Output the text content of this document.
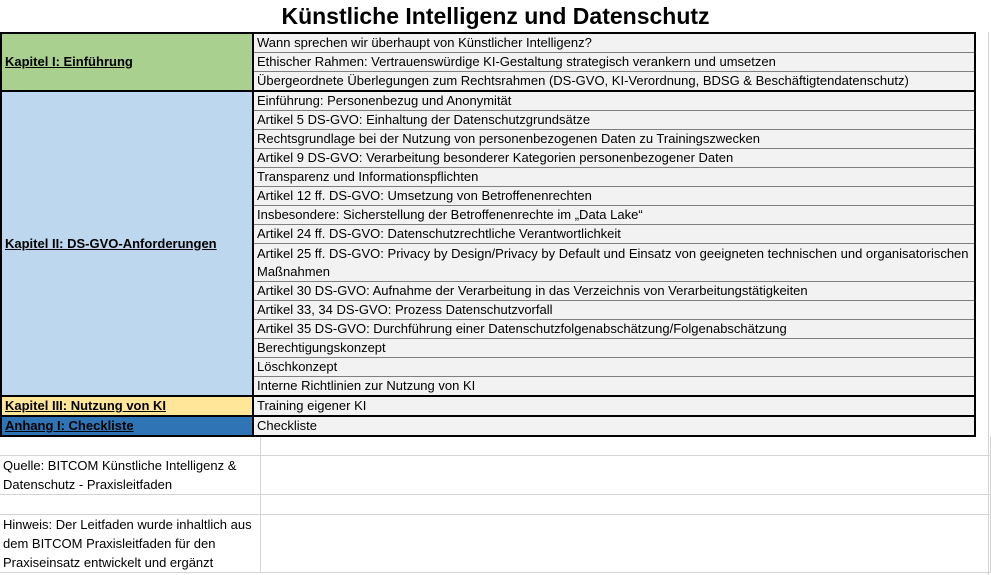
Künstliche Intelligenz und Datenschutz
Kapitel I: Einführung	Wann sprechen wir überhaupt von Künstlicher Intelligenz?
	Ethischer Rahmen: Vertrauenswürdige KI-Gestaltung strategisch verankern und umsetzen
	Übergeordnete Überlegungen zum Rechtsrahmen (DS-GVO, KI-Verordnung, BDSG & Beschäftigtendatenschutz)
Kapitel II: DS-GVO-Anforderungen	Einführung: Personenbezug und Anonymität
	Artikel 5 DS-GVO: Einhaltung der Datenschutzgrundsätze
	Rechtsgrundlage bei der Nutzung von personenbezogenen Daten zu Trainingszwecken
	Artikel 9 DS-GVO: Verarbeitung besonderer Kategorien personenbezogener Daten
	Transparenz und Informationspflichten
	Artikel 12 ff. DS-GVO: Umsetzung von Betroffenenrechten
	Insbesondere: Sicherstellung der Betroffenenrechte im „Data Lake“
	Artikel 24 ff. DS-GVO: Datenschutzrechtliche Verantwortlichkeit
	Artikel 25 ff. DS-GVO: Privacy by Design/Privacy by Default und Einsatz von geeigneten technischen und organisatorischen Maßnahmen
	Artikel 30 DS-GVO: Aufnahme der Verarbeitung in das Verzeichnis von Verarbeitungstätigkeiten
	Artikel 33, 34 DS-GVO: Prozess Datenschutzvorfall
	Artikel 35 DS-GVO: Durchführung einer Datenschutzfolgenabschätzung/Folgenabschätzung
	Berechtigungskonzept
	Löschkonzept
	Interne Richtlinien zur Nutzung von KI
Kapitel III: Nutzung von KI	Training eigener KI
Anhang I: Checkliste	Checkliste

Quelle: BITCOM Künstliche Intelligenz & Datenschutz - Praxisleitfaden	

Hinweis: Der Leitfaden wurde inhaltlich aus dem BITCOM Praxisleitfaden für den Praxiseinsatz entwickelt und ergänzt	
